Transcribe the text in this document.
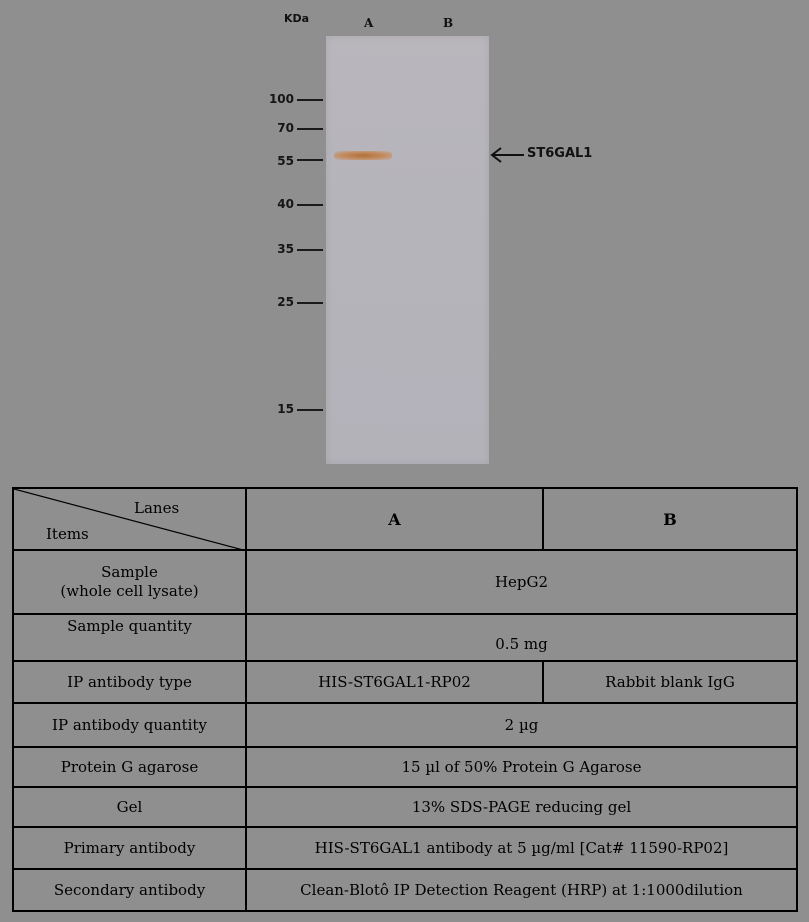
KDa	A	B
100
70
55
40
35
25
15
ST6GAL1
Lanes
Items	A	B

Sample
(whole cell lysate)	HepG2	
Sample quantity	0.5 mg	
IP antibody type	HIS-ST6GAL1-RP02	Rabbit blank IgG
IP antibody quantity	2 µg	
Protein G agarose	15 µl of 50% Protein G Agarose	
Gel	13% SDS-PAGE reducing gel	
Primary antibody	HIS-ST6GAL1 antibody at 5 µg/ml [Cat# 11590-RP02]	
Secondary antibody	Clean-Blotô IP Detection Reagent (HRP) at 1:1000dilution	
